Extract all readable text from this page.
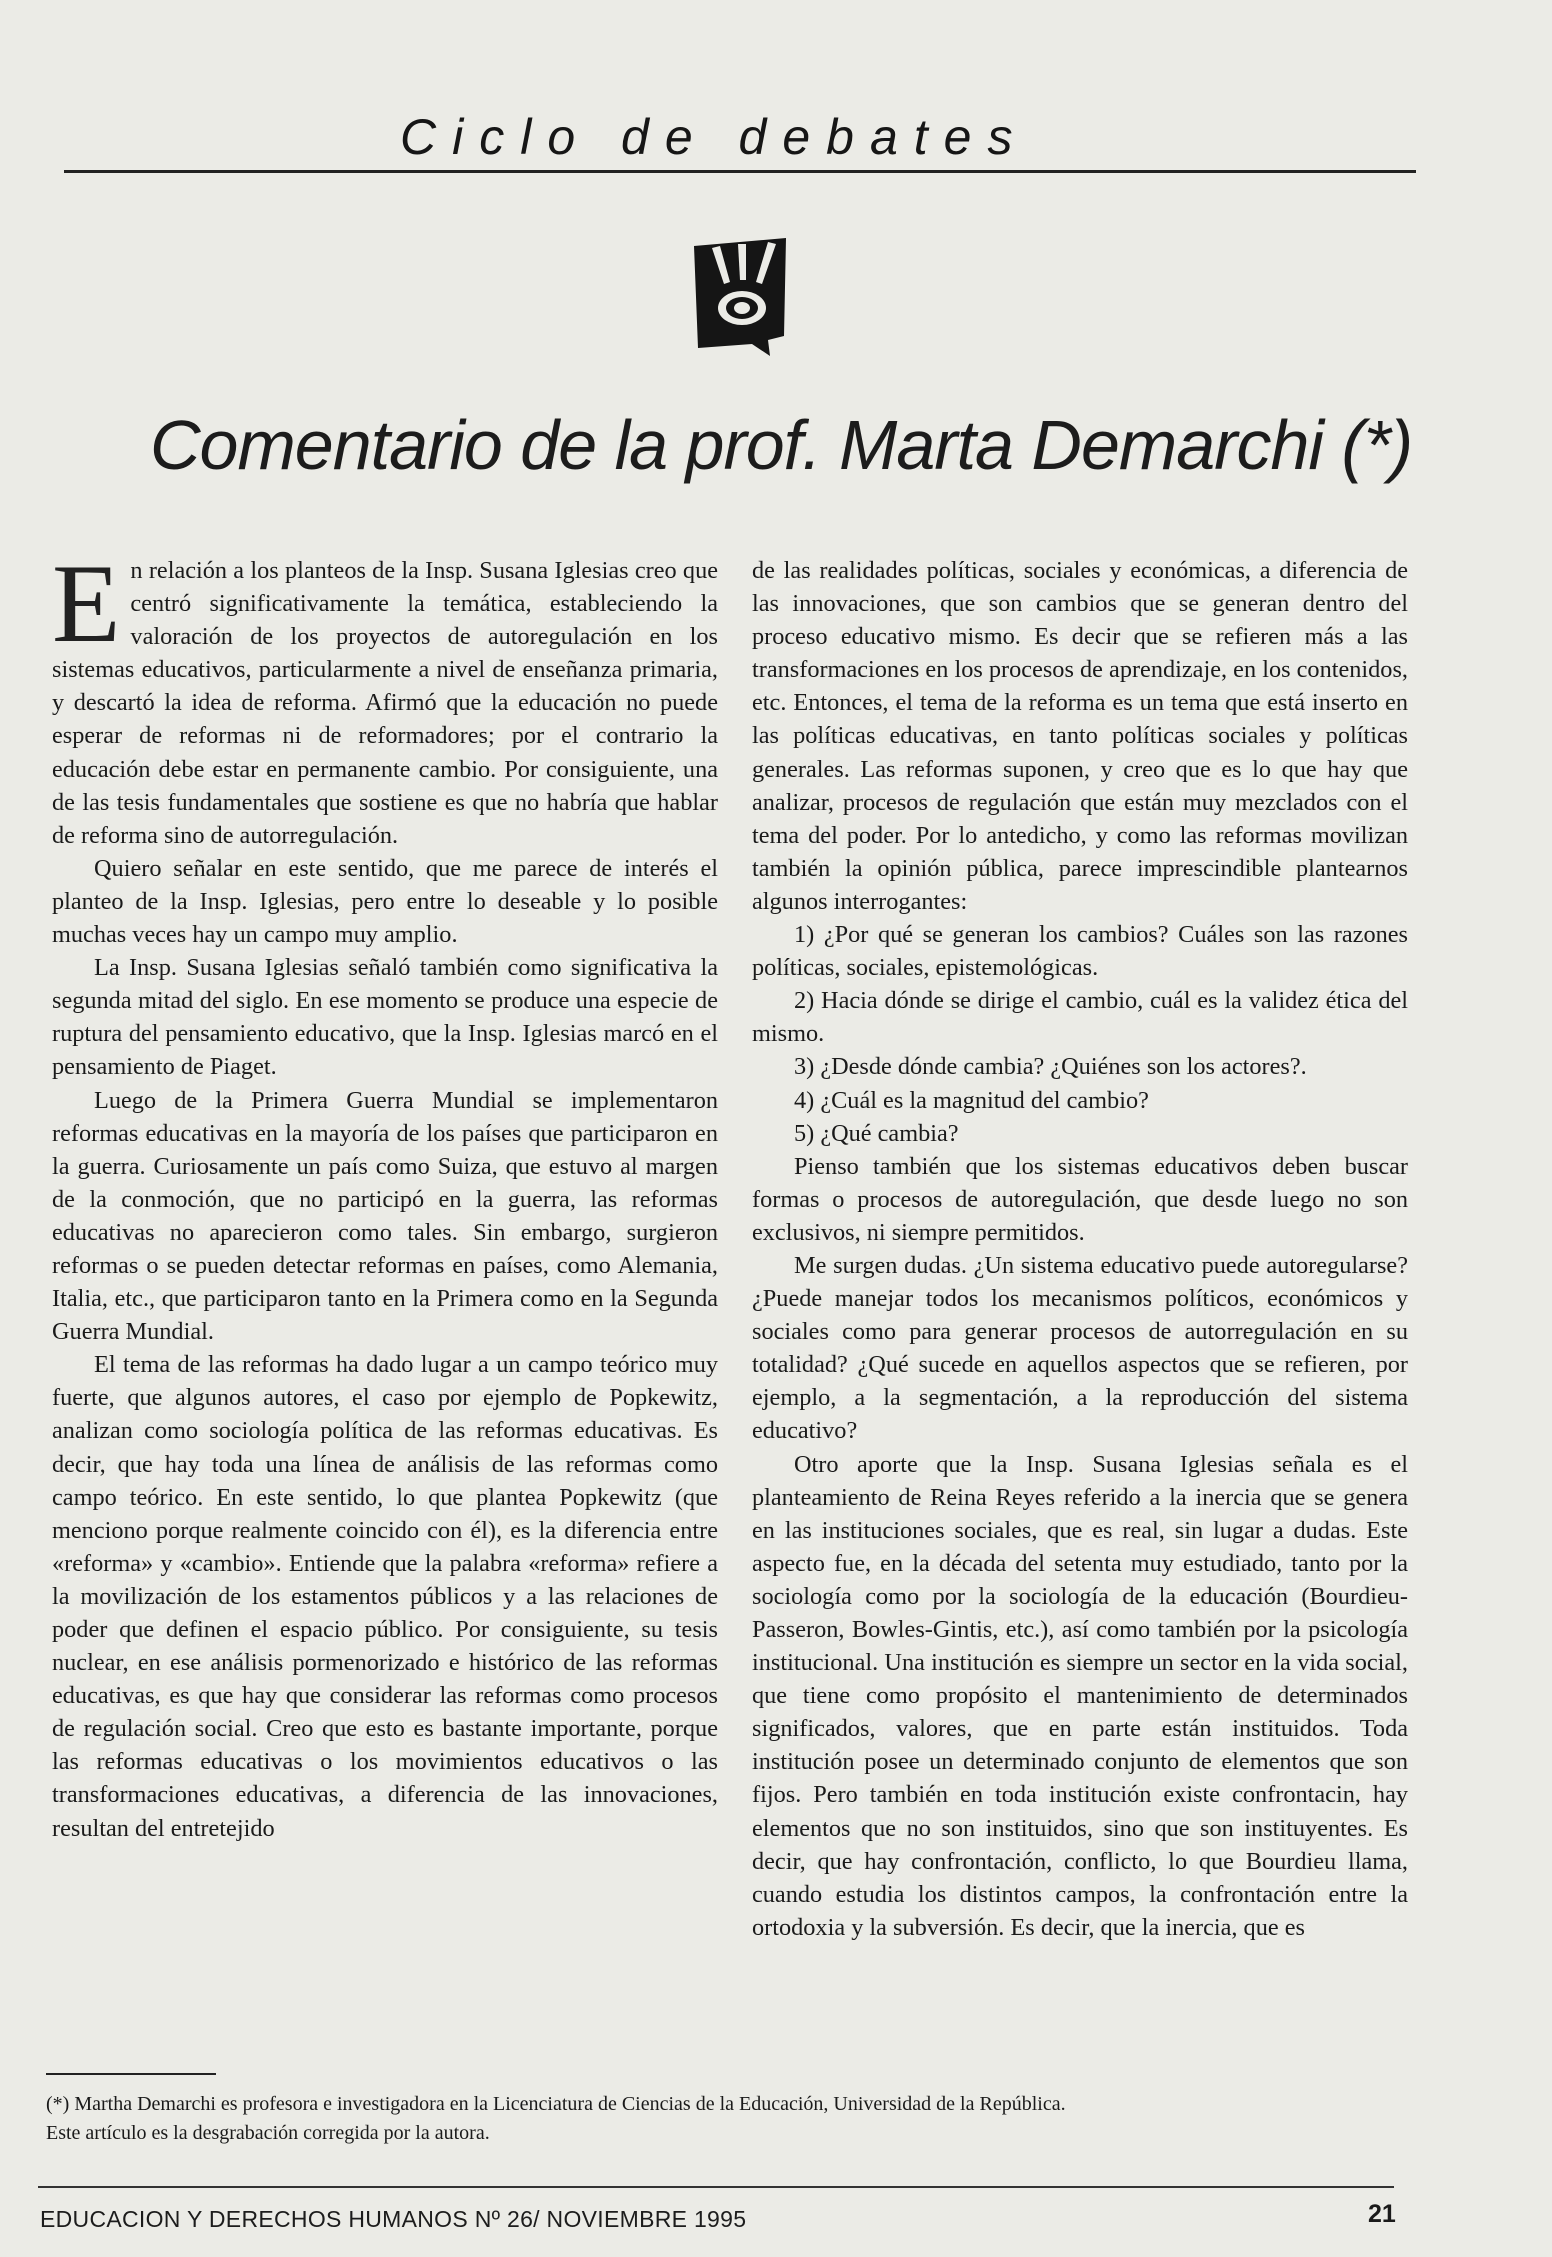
Ciclo de debates
Comentario de la prof. Marta Demarchi (*)

En relación a los planteos de la Insp. Susana Iglesias creo que centró significativamente la temática, estableciendo la valoración de los proyectos de autoregulación en los sistemas educativos, particularmente a nivel de enseñanza primaria, y descartó la idea de reforma. Afirmó que la educación no puede esperar de reformas ni de reformadores; por el contrario la educación debe estar en permanente cambio. Por consiguiente, una de las tesis fundamentales que sostiene es que no habría que hablar de reforma sino de autorregulación.

Quiero señalar en este sentido, que me parece de interés el planteo de la Insp. Iglesias, pero entre lo deseable y lo posible muchas veces hay un campo muy amplio.

La Insp. Susana Iglesias señaló también como significativa la segunda mitad del siglo. En ese momento se produce una especie de ruptura del pensamiento educativo, que la Insp. Iglesias marcó en el pensamiento de Piaget.

Luego de la Primera Guerra Mundial se implementaron reformas educativas en la mayoría de los países que participaron en la guerra. Curiosamente un país como Suiza, que estuvo al margen de la conmoción, que no participó en la guerra, las reformas educativas no aparecieron como tales. Sin embargo, surgieron reformas o se pueden detectar reformas en países, como Alemania, Italia, etc., que participaron tanto en la Primera como en la Segunda Guerra Mundial.

El tema de las reformas ha dado lugar a un campo teórico muy fuerte, que algunos autores, el caso por ejemplo de Popkewitz, analizan como sociología política de las reformas educativas. Es decir, que hay toda una línea de análisis de las reformas como campo teórico. En este sentido, lo que plantea Popkewitz (que menciono porque realmente coincido con él), es la diferencia entre «reforma» y «cambio». Entiende que la palabra «reforma» refiere a la movilización de los estamentos públicos y a las relaciones de poder que definen el espacio público. Por consiguiente, su tesis nuclear, en ese análisis pormenorizado e histórico de las reformas educativas, es que hay que considerar las reformas como procesos de regulación social. Creo que esto es bastante importante, porque las reformas educativas o los movimientos educativos o las transformaciones educativas, a diferencia de las innovaciones, resultan del entretejido

de las realidades políticas, sociales y económicas, a diferencia de las innovaciones, que son cambios que se generan dentro del proceso educativo mismo. Es decir que se refieren más a las transformaciones en los procesos de aprendizaje, en los contenidos, etc. Entonces, el tema de la reforma es un tema que está inserto en las políticas educativas, en tanto políticas sociales y políticas generales. Las reformas suponen, y creo que es lo que hay que analizar, procesos de regulación que están muy mezclados con el tema del poder. Por lo antedicho, y como las reformas movilizan también la opinión pública, parece imprescindible plantearnos algunos interrogantes:

1) ¿Por qué se generan los cambios? Cuáles son las razones políticas, sociales, epistemológicas.

2) Hacia dónde se dirige el cambio, cuál es la validez ética del mismo.

3) ¿Desde dónde cambia? ¿Quiénes son los actores?.

4) ¿Cuál es la magnitud del cambio?

5) ¿Qué cambia?

Pienso también que los sistemas educativos deben buscar formas o procesos de autoregulación, que desde luego no son exclusivos, ni siempre permitidos.

Me surgen dudas. ¿Un sistema educativo puede autoregularse? ¿Puede manejar todos los mecanismos políticos, económicos y sociales como para generar procesos de autorregulación en su totalidad? ¿Qué sucede en aquellos aspectos que se refieren, por ejemplo, a la segmentación, a la reproducción del sistema educativo?

Otro aporte que la Insp. Susana Iglesias señala es el planteamiento de Reina Reyes referido a la inercia que se genera en las instituciones sociales, que es real, sin lugar a dudas. Este aspecto fue, en la década del setenta muy estudiado, tanto por la sociología como por la sociología de la educación (Bourdieu-Passeron, Bowles-Gintis, etc.), así como también por la psicología institucional. Una institución es siempre un sector en la vida social, que tiene como propósito el mantenimiento de determinados significados, valores, que en parte están instituidos. Toda institución posee un determinado conjunto de elementos que son fijos. Pero también en toda institución existe confrontacin, hay elementos que no son instituidos, sino que son instituyentes. Es decir, que hay confrontación, conflicto, lo que Bourdieu llama, cuando estudia los distintos campos, la confrontación entre la ortodoxia y la subversión. Es decir, que la inercia, que es

(*) Martha Demarchi es profesora e investigadora en la Licenciatura de Ciencias de la Educación, Universidad de la República.

Este artículo es la desgrabación corregida por la autora.

EDUCACION Y DERECHOS HUMANOS Nº 26/ NOVIEMBRE 1995	21
